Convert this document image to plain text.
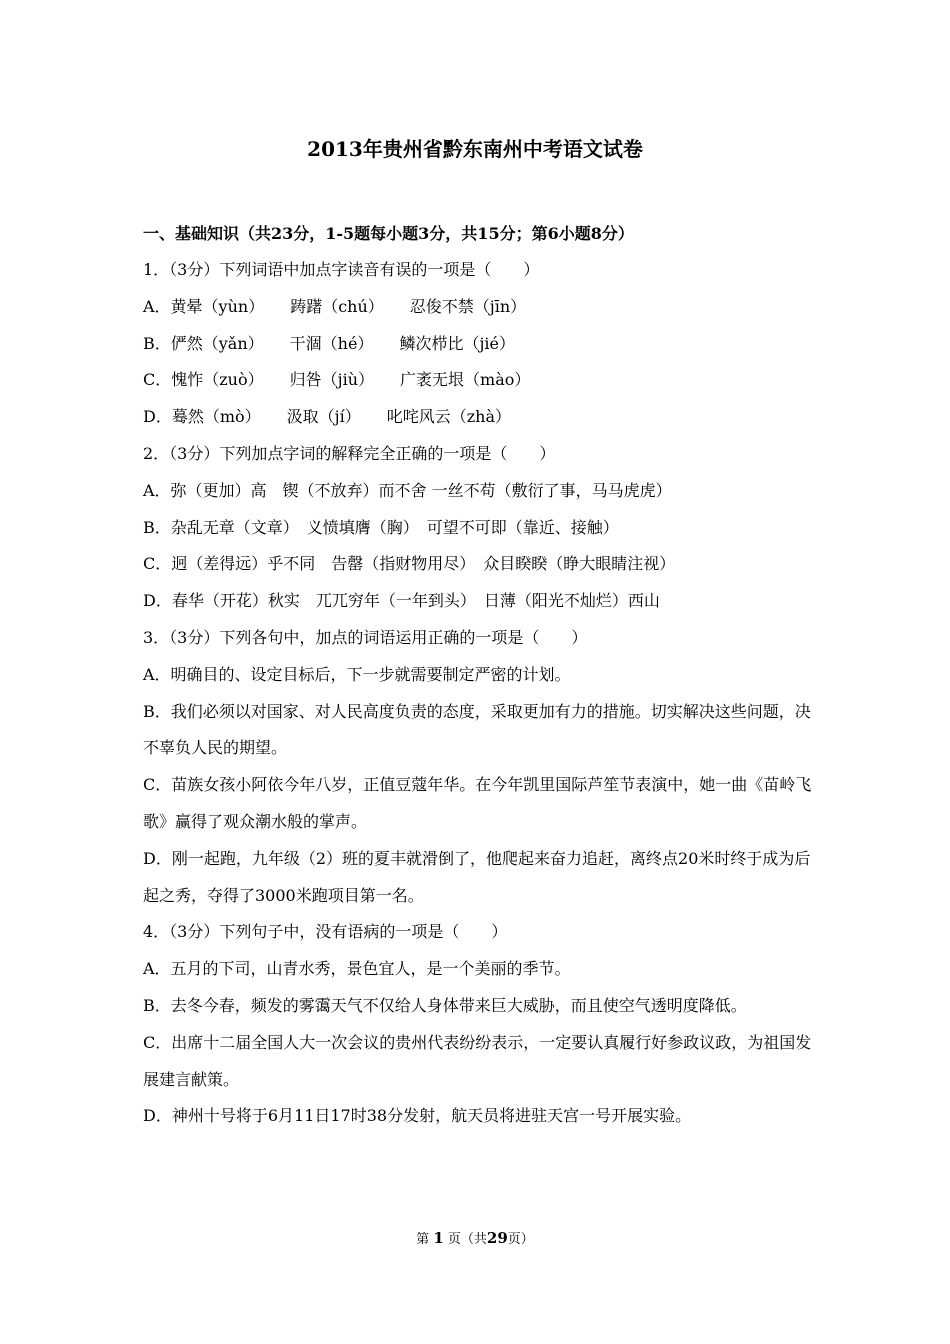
2013年贵州省黔东南州中考语文试卷
一、基础知识（共23分，1-5题每小题3分，共15分；第6小题8分）
1．（3分）下列词语中加点字读音有误的一项是（　　）
A．黄晕（yùn） 踌躇（chú） 忍俊不禁（jīn）
B．俨然（yǎn） 干涸（hé） 鳞次栉比（jié）
C．愧怍（zuò） 归咎（jiù） 广袤无垠（mào）
D．蓦然（mò） 汲取（jí） 叱咤风云（zhà）
2．（3分）下列加点字词的解释完全正确的一项是（　　）
A．弥（更加）高　锲（不放弃）而不舍 一丝不苟（敷衍了事，马马虎虎）
B．杂乱无章（文章）　义愤填膺（胸）　可望不可即（靠近、接触）
C．迥（差得远）乎不同　告罄（指财物用尽）　众目睽睽（睁大眼睛注视）
D．春华（开花）秋实　兀兀穷年（一年到头）　日薄（阳光不灿烂）西山
3．（3分）下列各句中，加点的词语运用正确的一项是（　　）
A．明确目的、设定目标后，下一步就需要制定严密的计划。
B．我们必须以对国家、对人民高度负责的态度，采取更加有力的措施。切实解决这些问题，决不辜负人民的期望。
C．苗族女孩小阿依今年八岁，正值豆蔻年华。在今年凯里国际芦笙节表演中，她一曲《苗岭飞歌》赢得了观众潮水般的掌声。
D．刚一起跑，九年级（2）班的夏丰就滑倒了，他爬起来奋力追赶，离终点20米时终于成为后起之秀，夺得了3000米跑项目第一名。
4．（3分）下列句子中，没有语病的一项是（　　）
A．五月的下司，山青水秀，景色宜人，是一个美丽的季节。
B．去冬今春，频发的雾霭天气不仅给人身体带来巨大威胁，而且使空气透明度降低。
C．出席十二届全国人大一次会议的贵州代表纷纷表示，一定要认真履行好参政议政，为祖国发展建言献策。
D．神州十号将于6月11日17时38分发射，航天员将进驻天宫一号开展实验。
第 1 页（共29页）
